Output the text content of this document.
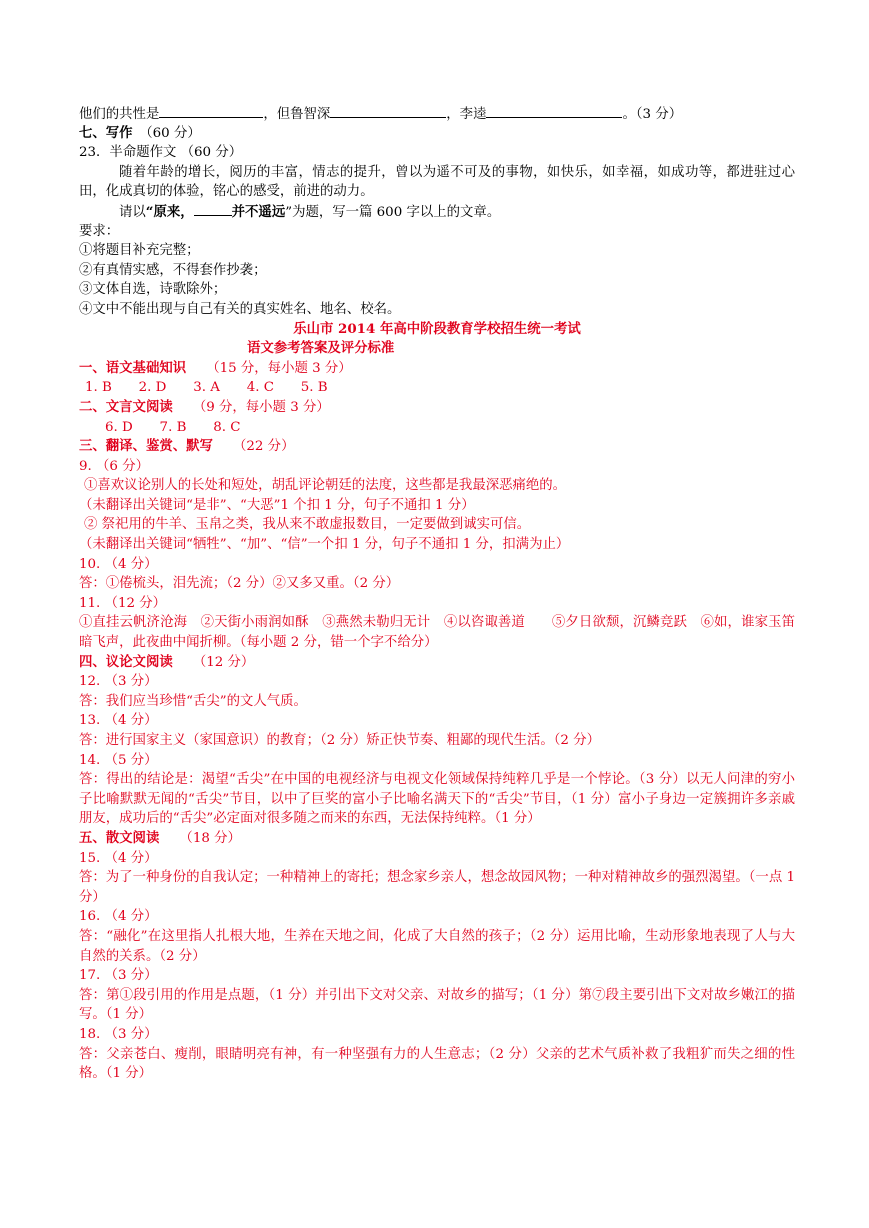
他们的共性是	，但鲁智深	，李逵	。（3 分）
七、写作　 （60 分）
23．半命题作文 （60 分）
随着年龄的增长，阅历的丰富，情志的提升，曾以为遥不可及的事物，如快乐，如幸福，如成功等，都进驻过心田，化成真切的体验，铭心的感受，前进的动力。
请以“原来，	并不遥远”为题，写一篇 600 字以上的文章。
要求：
①将题目补充完整；
②有真情实感，不得套作抄袭；
③文体自选，诗歌除外；
④文中不能出现与自己有关的真实姓名、地名、校名。
乐山市 2014 年高中阶段教育学校招生统一考试
语文参考答案及评分标准
一、语文基础知识　　 （15 分，每小题 3 分）
1. B　　2. D　　3. A　　4. C　　5. B
二、文言文阅读　　 （9 分，每小题 3 分）
6. D　　7. B　　8. C
三、翻译、鉴赏、默写　　 （22 分）
9. （6 分）
①喜欢议论别人的长处和短处，胡乱评论朝廷的法度，这些都是我最深恶痛绝的。
（未翻译出关键词“是非”、“大恶”1 个扣 1 分，句子不通扣 1 分）
② 祭祀用的牛羊、玉帛之类，我从来不敢虚报数目，一定要做到诚实可信。
（未翻译出关键词“牺牲”、“加”、“信”一个扣 1 分，句子不通扣 1 分，扣满为止）
10. （4 分）
答：①倦梳头，泪先流；（2 分）②又多又重。（2 分）
11. （12 分）
①直挂云帆济沧海　②天街小雨润如酥　③燕然未勒归无计　④以咨诹善道　　⑤夕日欲颓，沉鳞竞跃　⑥如，谁家玉笛暗飞声，此夜曲中闻折柳。（每小题 2 分，错一个字不给分）
四、议论文阅读　　 （12 分）
12. （3 分）
答：我们应当珍惜“舌尖”的文人气质。
13. （4 分）
答：进行国家主义（家国意识）的教育；（2 分）矫正快节奏、粗鄙的现代生活。（2 分）
14. （5 分）
答：得出的结论是：渴望“舌尖”在中国的电视经济与电视文化领域保持纯粹几乎是一个悖论。（3 分）以无人问津的穷小子比喻默默无闻的“舌尖”节目，以中了巨奖的富小子比喻名满天下的“舌尖”节目，（1 分）富小子身边一定簇拥许多亲戚朋友，成功后的“舌尖”必定面对很多随之而来的东西，无法保持纯粹。（1 分）
五、散文阅读　　 （18 分）
15. （4 分）
答：为了一种身份的自我认定；一种精神上的寄托；想念家乡亲人，想念故园风物；一种对精神故乡的强烈渴望。（一点 1 分）
16. （4 分）
答：“融化”在这里指人扎根大地，生养在天地之间，化成了大自然的孩子；（2 分）运用比喻，生动形象地表现了人与大自然的关系。（2 分）
17. （3 分）
答：第①段引用的作用是点题，（1 分）并引出下文对父亲、对故乡的描写；（1 分）第⑦段主要引出下文对故乡嫩江的描写。（1 分）
18. （3 分）
答：父亲苍白、瘦削，眼睛明亮有神，有一种坚强有力的人生意志；（2 分）父亲的艺术气质补救了我粗犷而失之细的性格。（1 分）
